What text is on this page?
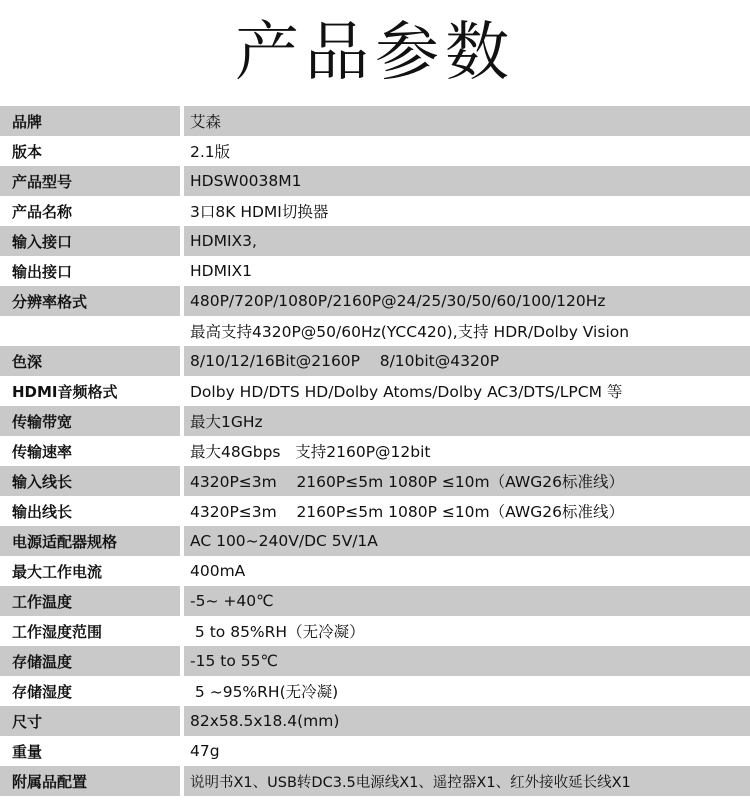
产品参数
品牌	艾森
版本	2.1版
产品型号	HDSW0038M1
产品名称	3口8K HDMI切换器
输入接口	HDMIX3,
输出接口	HDMIX1
分辨率格式	480P/720P/1080P/2160P@24/25/30/50/60/100/120Hz
最高支持4320P@50/60Hz(YCC420),支持 HDR/Dolby Vision
色深	8/10/12/16Bit@2160P    8/10bit@4320P
HDMI音频格式	Dolby HD/DTS HD/Dolby Atoms/Dolby AC3/DTS/LPCM 等
传输带宽	最大1GHz
传输速率	最大48Gbps   支持2160P@12bit
输入线长	4320P≤3m    2160P≤5m 1080P ≤10m（AWG26标准线）
输出线长	4320P≤3m    2160P≤5m 1080P ≤10m（AWG26标准线）
电源适配器规格	AC 100~240V/DC 5V/1A
最大工作电流	400mA
工作温度	-5~ +40℃
工作湿度范围	5 to 85%RH（无冷凝）
存储温度	-15 to 55℃
存储湿度	5 ~95%RH(无冷凝)
尺寸	82x58.5x18.4(mm)
重量	47g
附属品配置	说明书X1、USB转DC3.5电源线X1、遥控器X1、红外接收延长线X1
